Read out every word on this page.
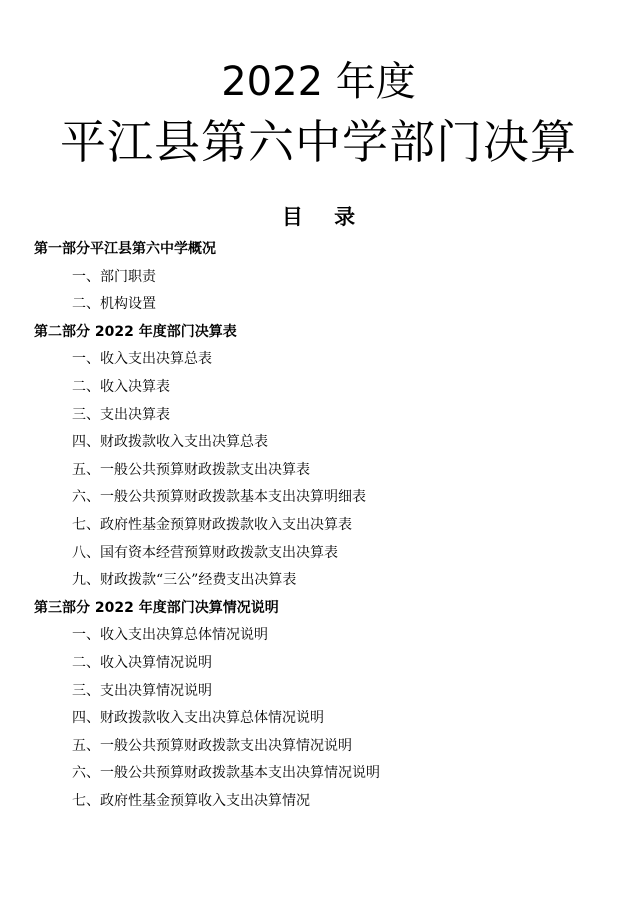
2022 年度
平江县第六中学部门决算
目 录
第一部分平江县第六中学概况
一、部门职责
二、机构设置
第二部分 2022 年度部门决算表
一、收入支出决算总表
二、收入决算表
三、支出决算表
四、财政拨款收入支出决算总表
五、一般公共预算财政拨款支出决算表
六、一般公共预算财政拨款基本支出决算明细表
七、政府性基金预算财政拨款收入支出决算表
八、国有资本经营预算财政拨款支出决算表
九、财政拨款“三公”经费支出决算表
第三部分 2022 年度部门决算情况说明
一、收入支出决算总体情况说明
二、收入决算情况说明
三、支出决算情况说明
四、财政拨款收入支出决算总体情况说明
五、一般公共预算财政拨款支出决算情况说明
六、一般公共预算财政拨款基本支出决算情况说明
七、政府性基金预算收入支出决算情况
